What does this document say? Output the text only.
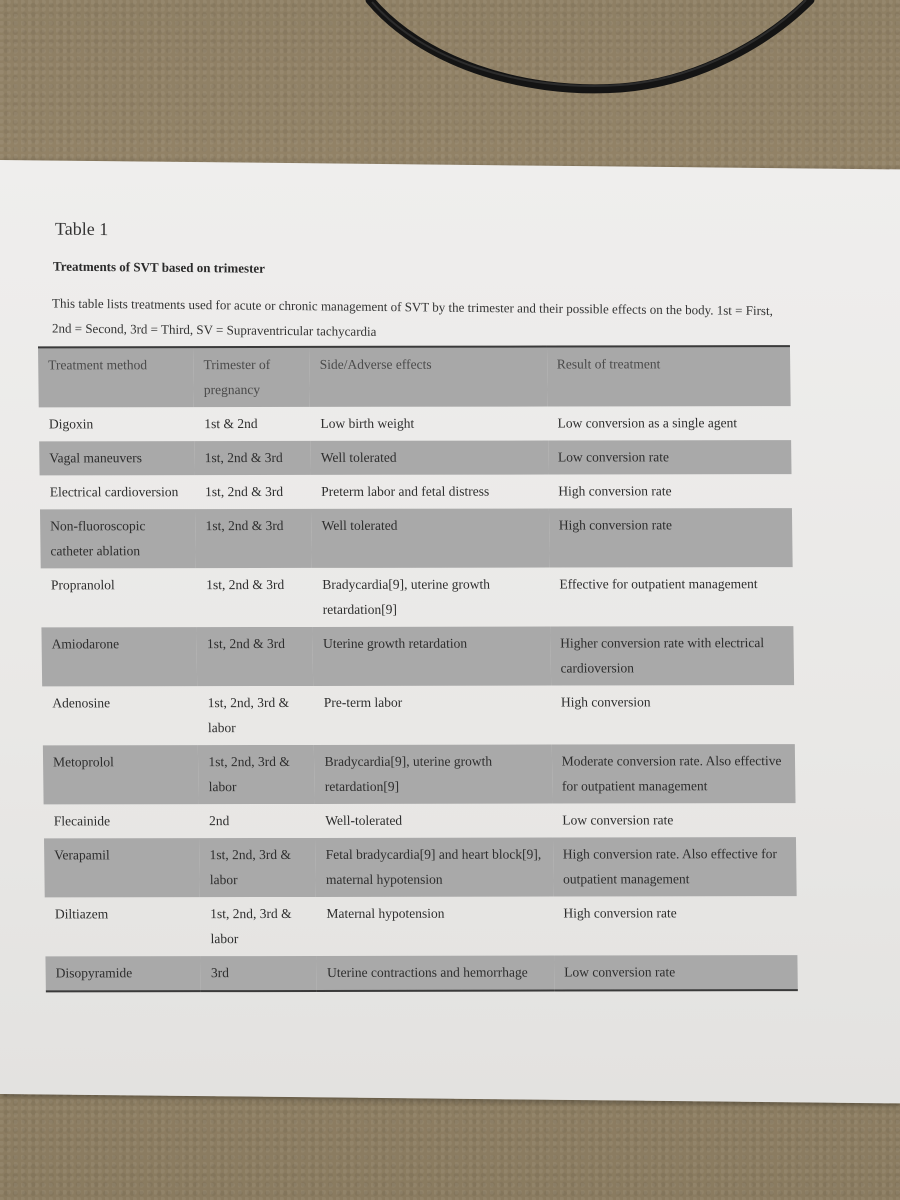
Table 1
Treatments of SVT based on trimester
This table lists treatments used for acute or chronic management of SVT by the trimester and their possible effects on the body. 1st = First, 2nd = Second, 3rd = Third, SV = Supraventricular tachycardia
Treatment method	Trimester of pregnancy	Side/Adverse effects	Result of treatment
Digoxin	1st & 2nd	Low birth weight	Low conversion as a single agent
Vagal maneuvers	1st, 2nd & 3rd	Well tolerated	Low conversion rate
Electrical cardioversion	1st, 2nd & 3rd	Preterm labor and fetal distress	High conversion rate
Non-fluoroscopic catheter ablation	1st, 2nd & 3rd	Well tolerated	High conversion rate
Propranolol	1st, 2nd & 3rd	Bradycardia[9], uterine growth retardation[9]	Effective for outpatient management
Amiodarone	1st, 2nd & 3rd	Uterine growth retardation	Higher conversion rate with electrical cardioversion
Adenosine	1st, 2nd, 3rd & labor	Pre-term labor	High conversion
Metoprolol	1st, 2nd, 3rd & labor	Bradycardia[9], uterine growth retardation[9]	Moderate conversion rate. Also effective for outpatient management
Flecainide	2nd	Well-tolerated	Low conversion rate
Verapamil	1st, 2nd, 3rd & labor	Fetal bradycardia[9] and heart block[9], maternal hypotension	High conversion rate. Also effective for outpatient management
Diltiazem	1st, 2nd, 3rd & labor	Maternal hypotension	High conversion rate
Disopyramide	3rd	Uterine contractions and hemorrhage	Low conversion rate
